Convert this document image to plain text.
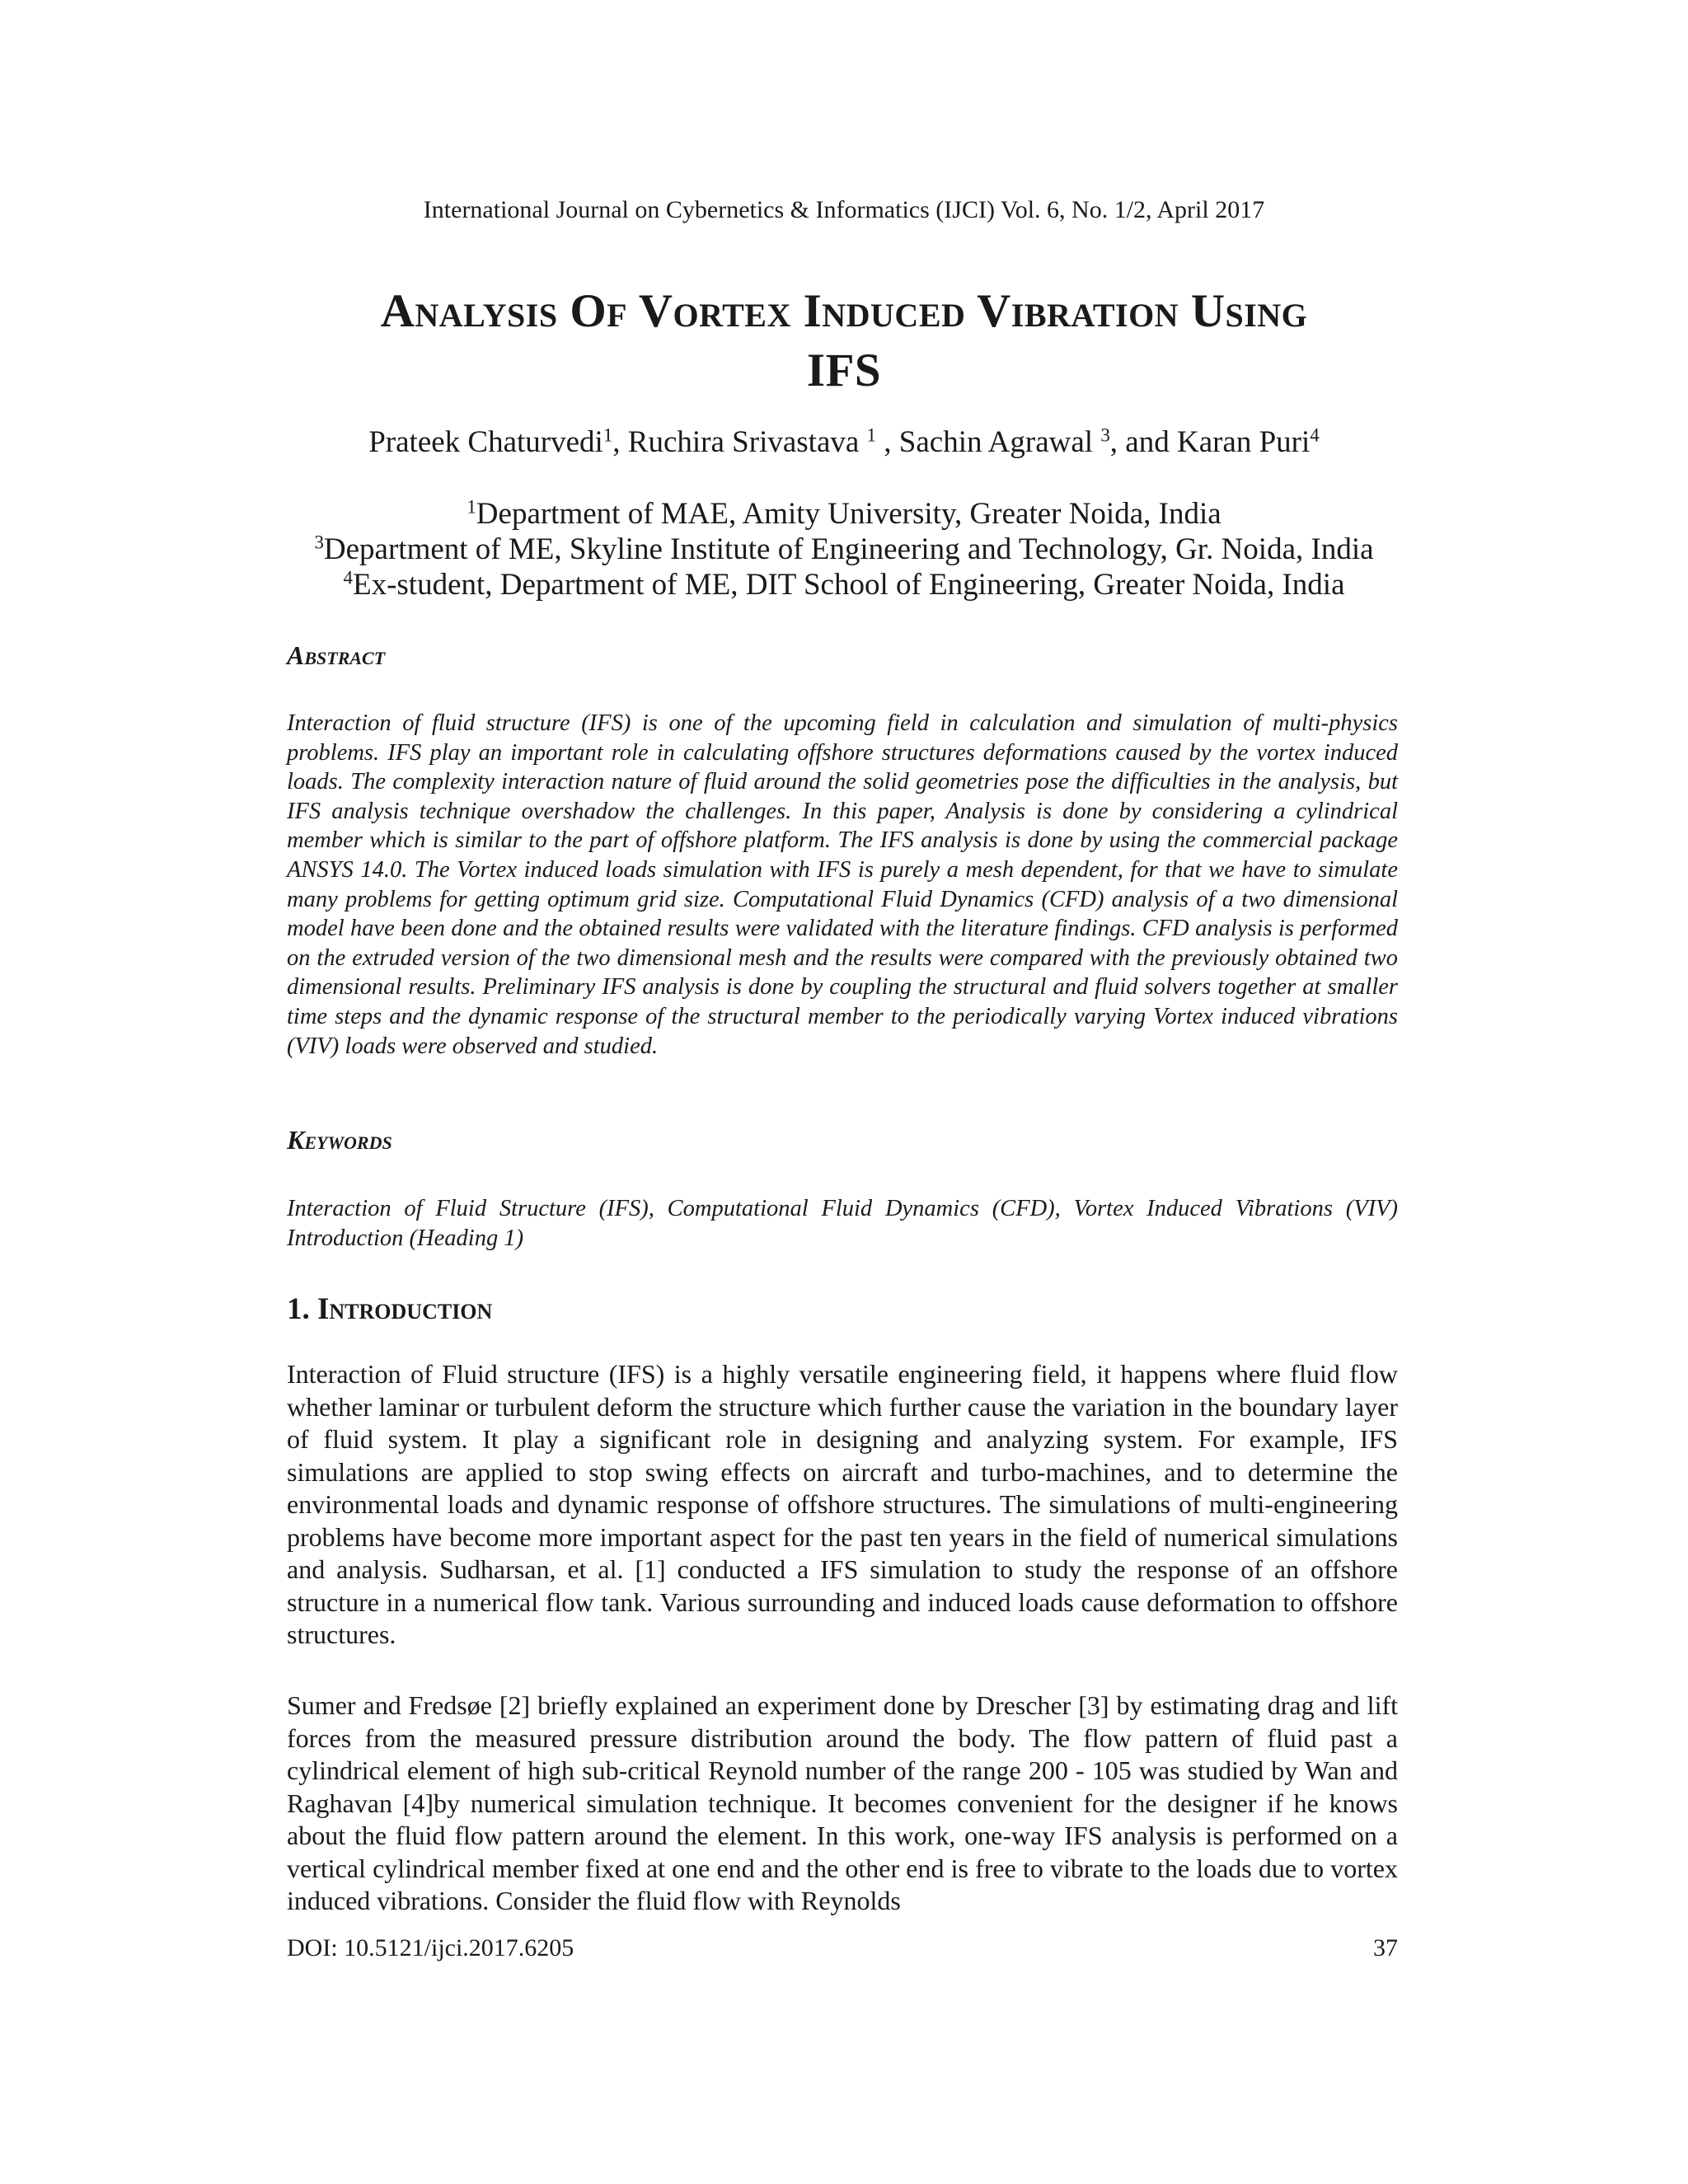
International Journal on Cybernetics & Informatics (IJCI) Vol. 6, No. 1/2, April 2017
Analysis Of Vortex Induced Vibration Using
IFS
Prateek Chaturvedi$^1$, Ruchira Srivastava $^1$ , Sachin Agrawal $^3$, and Karan Puri$^4$
$^1$Department of MAE, Amity University, Greater Noida, India
$^3$Department of ME, Skyline Institute of Engineering and Technology, Gr. Noida, India
$^4$Ex-student, Department of ME, DIT School of Engineering, Greater Noida, India
Abstract

Interaction of fluid structure (IFS) is one of the upcoming field in calculation and simulation of multi-physics problems. IFS play an important role in calculating offshore structures deformations caused by the vortex induced loads. The complexity interaction nature of fluid around the solid geometries pose the difficulties in the analysis, but IFS analysis technique overshadow the challenges. In this paper, Analysis is done by considering a cylindrical member which is similar to the part of offshore platform. The IFS analysis is done by using the commercial package ANSYS 14.0. The Vortex induced loads simulation with IFS is purely a mesh dependent, for that we have to simulate many problems for getting optimum grid size. Computational Fluid Dynamics (CFD) analysis of a two dimensional model have been done and the obtained results were validated with the literature findings. CFD analysis is performed on the extruded version of the two dimensional mesh and the results were compared with the previously obtained two dimensional results. Preliminary IFS analysis is done by coupling the structural and fluid solvers together at smaller time steps and the dynamic response of the structural member to the periodically varying Vortex induced vibrations (VIV) loads were observed and studied.

Keywords

Interaction of Fluid Structure (IFS), Computational Fluid Dynamics (CFD), Vortex Induced Vibrations (VIV) Introduction (Heading 1)

1. Introduction

Interaction of Fluid structure (IFS) is a highly versatile engineering field, it happens where fluid flow whether laminar or turbulent deform the structure which further cause the variation in the boundary layer of fluid system. It play a significant role in designing and analyzing system. For example, IFS simulations are applied to stop swing effects on aircraft and turbo-machines, and to determine the environmental loads and dynamic response of offshore structures. The simulations of multi-engineering problems have become more important aspect for the past ten years in the field of numerical simulations and analysis. Sudharsan, et al. [1] conducted a IFS simulation to study the response of an offshore structure in a numerical flow tank. Various surrounding and induced loads cause deformation to offshore structures.

Sumer and Fredsøe [2] briefly explained an experiment done by Drescher [3] by estimating drag and lift forces from the measured pressure distribution around the body. The flow pattern of fluid past a cylindrical element of high sub-critical Reynold number of the range 200 - 105 was studied by Wan and Raghavan [4]by numerical simulation technique. It becomes convenient for the designer if he knows about the fluid flow pattern around the element. In this work, one-way IFS analysis is performed on a vertical cylindrical member fixed at one end and the other end is free to vibrate to the loads due to vortex induced vibrations. Consider the fluid flow with Reynolds

DOI: 10.5121/ijci.2017.6205	37
